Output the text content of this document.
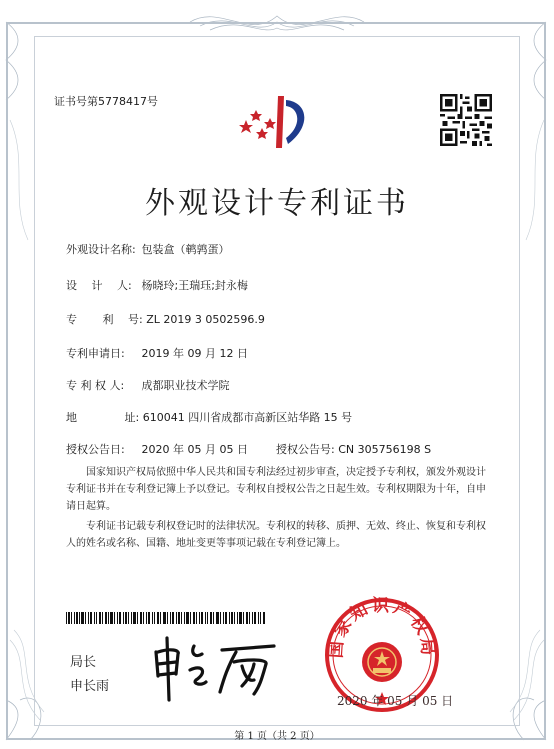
证书号第5778417号
外观设计专利证书
外观设计名称: 包装盒（鹌鹑蛋）
设　 计　 人: 杨晓玲;王瑞珏;封永梅
专　　 利　 号: ZL 2019 3 0502596.9
专利申请日: 2019 年 09 月 12 日
专 利 权 人: 成都职业技术学院
地　　　　 址: 610041 四川省成都市高新区站华路 15 号
授权公告日: 2020 年 05 月 05 日	授权公告号: CN 305756198 S
国家知识产权局依照中华人民共和国专利法经过初步审查，决定授予专利权，颁发外观设计专利证书并在专利登记簿上予以登记。专利权自授权公告之日起生效。专利权期限为十年，自申请日起算。
专利证书记载专利权登记时的法律状况。专利权的转移、质押、无效、终止、恢复和专利权人的姓名或名称、国籍、地址变更等事项记载在专利登记簿上。
局长
申长雨
国家知识产权局
2020 年 05 月 05 日
第 1 页（共 2 页）
